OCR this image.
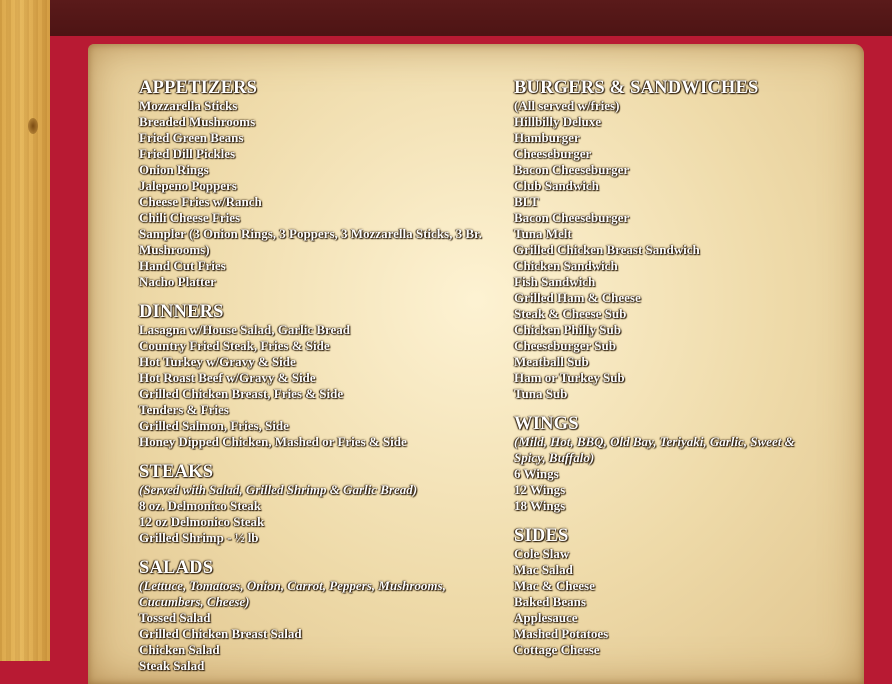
APPETIZERS
Mozzarella Sticks
Breaded Mushrooms
Fried Green Beans
Fried Dill Pickles
Onion Rings
Jalepeno Poppers
Cheese Fries w/Ranch
Chili Cheese Fries
Sampler (3 Onion Rings, 3 Poppers, 3 Mozzarella Sticks, 3 Br. Mushrooms)
Hand Cut Fries
Nacho Platter
DINNERS
Lasagna w/House Salad, Garlic Bread
Country Fried Steak, Fries & Side
Hot Turkey w/Gravy & Side
Hot Roast Beef w/Gravy & Side
Grilled Chicken Breast, Fries & Side
Tenders & Fries
Grilled Salmon, Fries, Side
Honey Dipped Chicken, Mashed or Fries & Side
STEAKS
(Served with Salad, Grilled Shrimp & Garlic Bread)
8 oz. Delmonico Steak
12 oz Delmonico Steak
Grilled Shrimp - ½ lb
SALADS
(Lettuce, Tomatoes, Onion, Carrot, Peppers, Mushrooms, Cucumbers, Cheese)
Tossed Salad
Grilled Chicken Breast Salad
Chicken Salad
Steak Salad
BURGERS & SANDWICHES
(All served w/fries)
Hillbilly Deluxe
Hamburger
Cheeseburger
Bacon Cheeseburger
Club Sandwich
BLT
Bacon Cheeseburger
Tuna Melt
Grilled Chicken Breast Sandwich
Chicken Sandwich
Fish Sandwich
Grilled Ham & Cheese
Steak & Cheese Sub
Chicken Philly Sub
Cheeseburger Sub
Meatball Sub
Ham or Turkey Sub
Tuna Sub
WINGS
(Mild, Hot, BBQ, Old Bay, Teriyaki, Garlic, Sweet & Spicy, Buffalo)
6 Wings
12 Wings
18 Wings
SIDES
Cole Slaw
Mac Salad
Mac & Cheese
Baked Beans
Applesauce
Mashed Potatoes
Cottage Cheese
